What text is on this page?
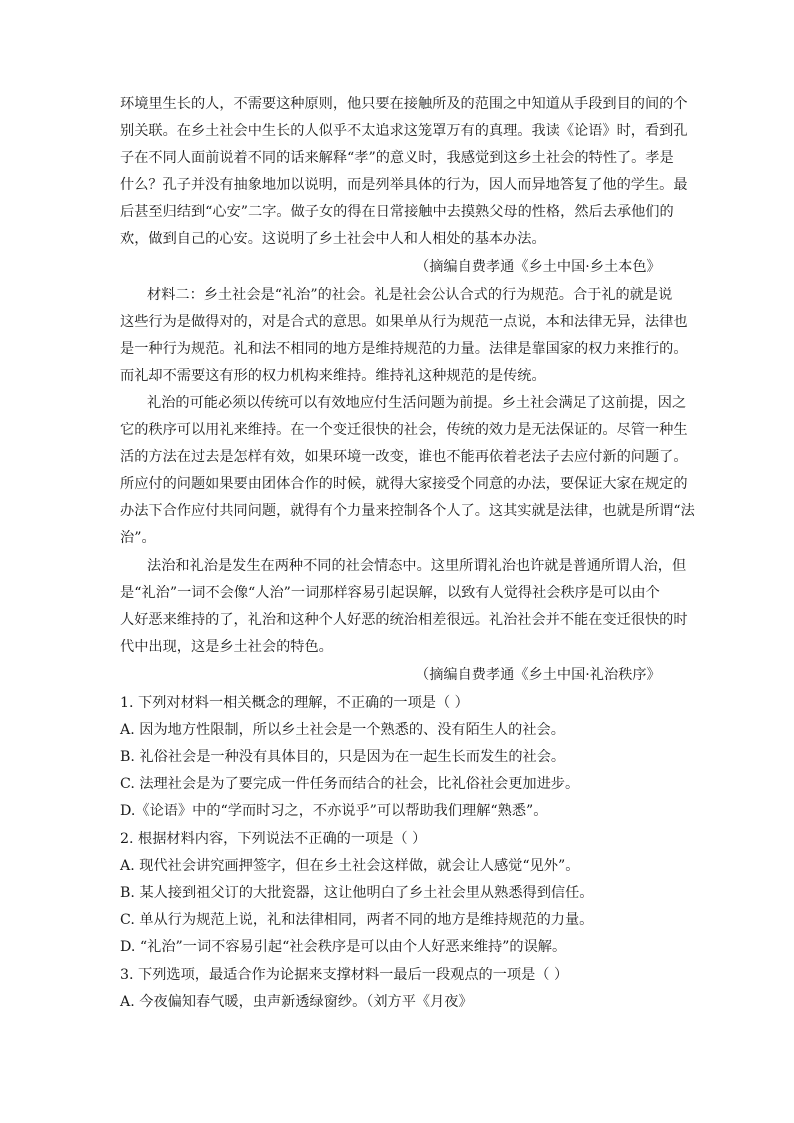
环境里生长的人，不需要这种原则，他只要在接触所及的范围之中知道从手段到目的间的个
别关联。在乡土社会中生长的人似乎不太追求这笼罩万有的真理。我读《论语》时，看到孔
子在不同人面前说着不同的话来解释“孝”的意义时，我感觉到这乡土社会的特性了。孝是
什么？孔子并没有抽象地加以说明，而是列举具体的行为，因人而异地答复了他的学生。最
后甚至归结到“心安”二字。做子女的得在日常接触中去摸熟父母的性格，然后去承他们的
欢，做到自己的心安。这说明了乡土社会中人和人相处的基本办法。
（摘编自费孝通《乡土中国·乡土本色》
材料二：乡土社会是“礼治”的社会。礼是社会公认合式的行为规范。合于礼的就是说
这些行为是做得对的，对是合式的意思。如果单从行为规范一点说，本和法律无异，法律也
是一种行为规范。礼和法不相同的地方是维持规范的力量。法律是靠国家的权力来推行的。
而礼却不需要这有形的权力机构来维持。维持礼这种规范的是传统。
礼治的可能必须以传统可以有效地应付生活问题为前提。乡土社会满足了这前提，因之
它的秩序可以用礼来维持。在一个变迁很快的社会，传统的效力是无法保证的。尽管一种生
活的方法在过去是怎样有效，如果环境一改变，谁也不能再依着老法子去应付新的问题了。
所应付的问题如果要由团体合作的时候，就得大家接受个同意的办法，要保证大家在规定的
办法下合作应付共同问题，就得有个力量来控制各个人了。这其实就是法律，也就是所谓“法
治”。
法治和礼治是发生在两种不同的社会情态中。这里所谓礼治也许就是普通所谓人治，但
是“礼治”一词不会像“人治”一词那样容易引起误解，以致有人觉得社会秩序是可以由个
人好恶来维持的了，礼治和这种个人好恶的统治相差很远。礼治社会并不能在变迁很快的时
代中出现，这是乡土社会的特色。
（摘编自费孝通《乡土中国·礼治秩序》
1. 下列对材料一相关概念的理解，不正确的一项是（ ）
A. 因为地方性限制，所以乡土社会是一个熟悉的、没有陌生人的社会。
B. 礼俗社会是一种没有具体目的，只是因为在一起生长而发生的社会。
C. 法理社会是为了要完成一件任务而结合的社会，比礼俗社会更加进步。
D.《论语》中的“学而时习之，不亦说乎”可以帮助我们理解“熟悉”。
2. 根据材料内容，下列说法不正确的一项是（ ）
A. 现代社会讲究画押签字，但在乡土社会这样做，就会让人感觉“见外”。
B. 某人接到祖父订的大批瓷器，这让他明白了乡土社会里从熟悉得到信任。
C. 单从行为规范上说，礼和法律相同，两者不同的地方是维持规范的力量。
D. “礼治”一词不容易引起“社会秩序是可以由个人好恶来维持”的误解。
3. 下列选项，最适合作为论据来支撑材料一最后一段观点的一项是（ ）
A. 今夜偏知春气暖，虫声新透绿窗纱。（刘方平《月夜》
